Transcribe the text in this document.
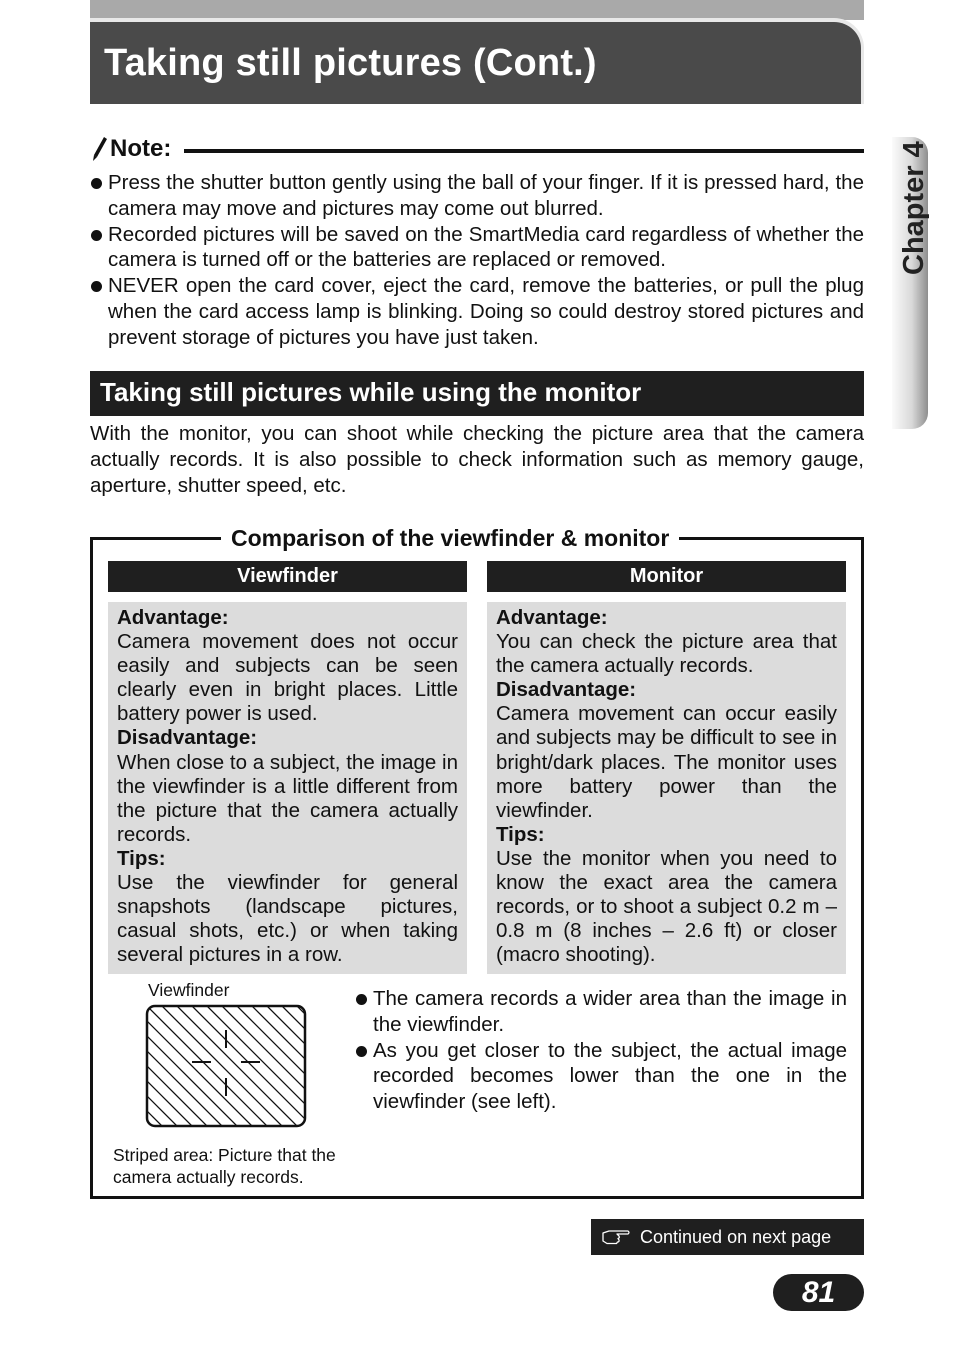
Taking still pictures (Cont.)
Chapter 4
Note:
Press the shutter button gently using the ball of your finger. If it is pressed hard, the camera may move and pictures may come out blurred.
Recorded pictures will be saved on the SmartMedia card regardless of whether the camera is turned off or the batteries are replaced or removed.
NEVER open the card cover, eject the card, remove the batteries, or pull the plug when the card access lamp is blinking. Doing so could destroy stored pictures and prevent storage of pictures you have just taken.
Taking still pictures while using the monitor

With the monitor, you can shoot while checking the picture area that the camera actually records. It is also possible to check information such as memory gauge, aperture, shutter speed, etc.

Comparison of the viewfinder & monitor
Viewfinder	Monitor
Advantage:
Camera movement does not occur easily and subjects can be seen clearly even in bright places. Little battery power is used.
Disadvantage:
When close to a subject, the image in the viewfinder is a little different from the picture that the camera actually records.
Tips:
Use the viewfinder for general snapshots (landscape pictures, casual shots, etc.) or when taking several pictures in a row.
Advantage:
You can check the picture area that the camera actually records.
Disadvantage:
Camera movement can occur easily and subjects may be difficult to see in bright/dark places. The monitor uses more battery power than the viewfinder.
Tips:
Use the monitor when you need to know the exact area the camera records, or to shoot a subject 0.2 m – 0.8 m (8 inches – 2.6 ft) or closer (macro shooting).
Viewfinder
Striped area: Picture that the camera actually records.
The camera records a wider area than the image in the viewfinder.
As you get closer to the subject, the actual image recorded becomes lower than the one in the viewfinder (see left).
Continued on next page
81
